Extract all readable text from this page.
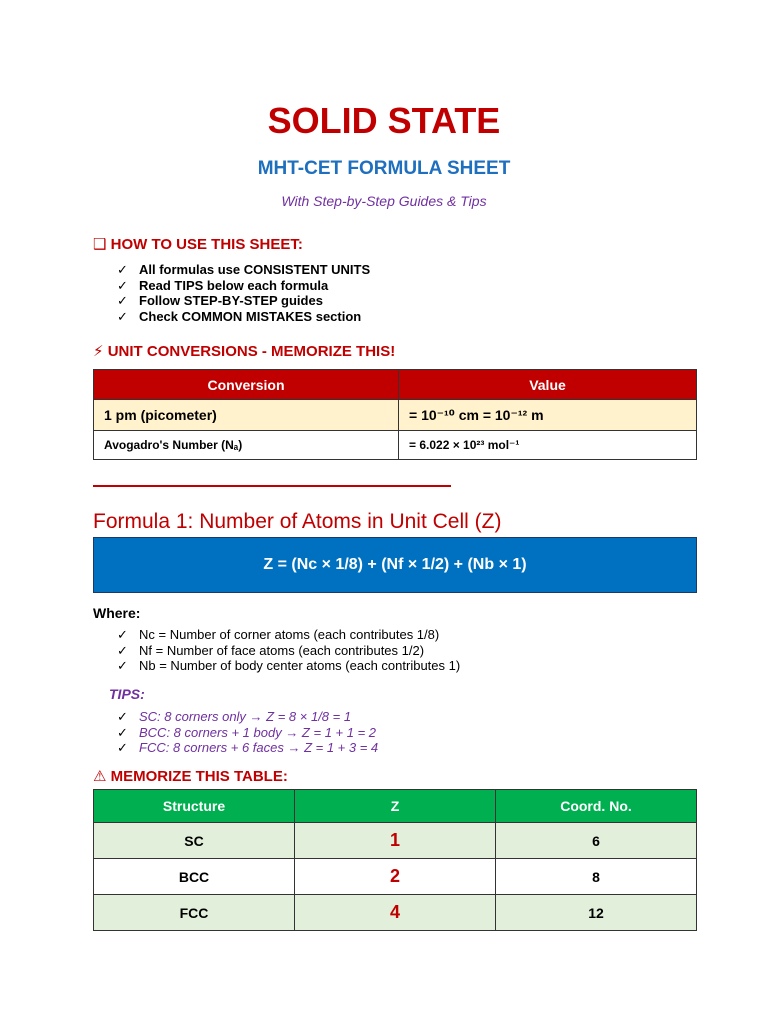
SOLID STATE
MHT-CET FORMULA SHEET
With Step-by-Step Guides & Tips
❑ HOW TO USE THIS SHEET:
✓ All formulas use CONSISTENT UNITS
✓ Read TIPS below each formula
✓ Follow STEP-BY-STEP guides
✓ Check COMMON MISTAKES section
⚡ UNIT CONVERSIONS - MEMORIZE THIS!
Conversion	Value
1 pm (picometer)	= 10⁻¹⁰ cm = 10⁻¹² m
Avogadro's Number (Nₐ)	= 6.022 × 10²³ mol⁻¹
Formula 1: Number of Atoms in Unit Cell (Z)
Z = (Nc × 1/8) + (Nf × 1/2) + (Nb × 1)
Where:
✓ Nc = Number of corner atoms (each contributes 1/8)
✓ Nf = Number of face atoms (each contributes 1/2)
✓ Nb = Number of body center atoms (each contributes 1)
TIPS:
✓ SC: 8 corners only → Z = 8 × 1/8 = 1
✓ BCC: 8 corners + 1 body → Z = 1 + 1 = 2
✓ FCC: 8 corners + 6 faces → Z = 1 + 3 = 4
⚠ MEMORIZE THIS TABLE:
Structure	Z	Coord. No.
SC	1	6
BCC	2	8
FCC	4	12
